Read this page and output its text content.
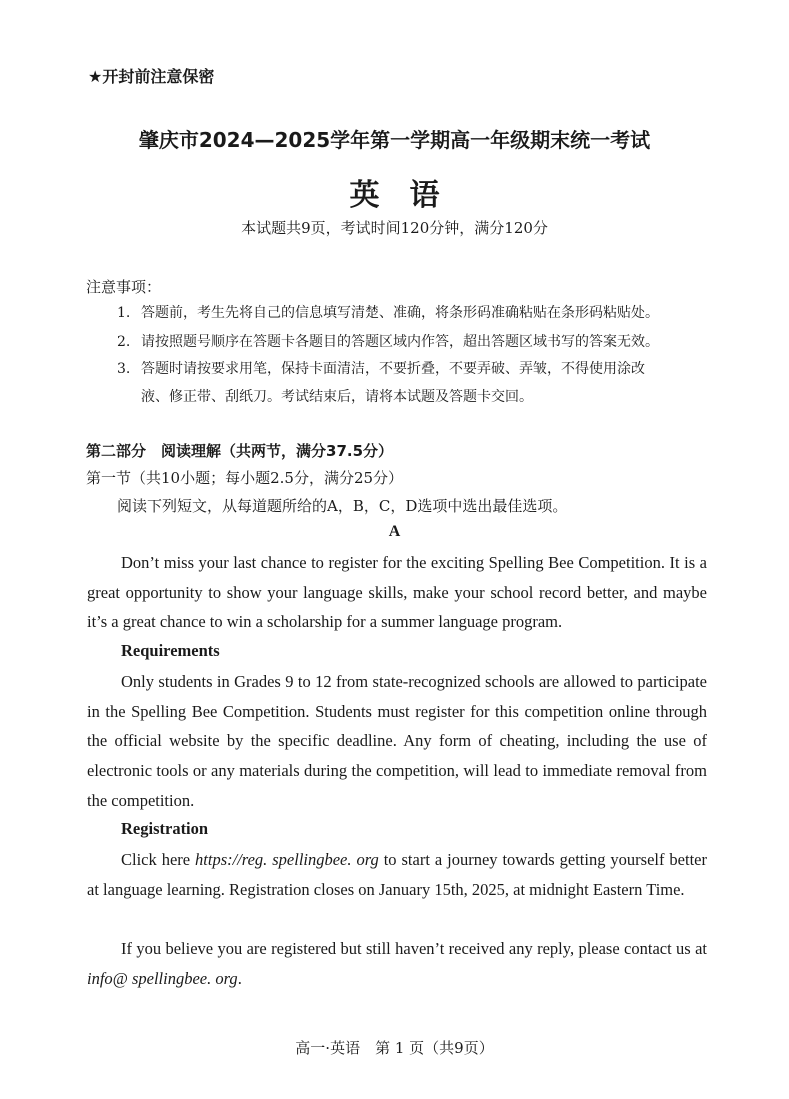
★开封前注意保密
肇庆市2024—2025学年第一学期高一年级期末统一考试
英语
本试题共9页，考试时间120分钟，满分120分
注意事项：
1. 答题前，考生先将自己的信息填写清楚、准确，将条形码准确粘贴在条形码粘贴处。
2. 请按照题号顺序在答题卡各题目的答题区域内作答，超出答题区域书写的答案无效。
3. 答题时请按要求用笔，保持卡面清洁，不要折叠，不要弄破、弄皱，不得使用涂改
液、修正带、刮纸刀。考试结束后，请将本试题及答题卡交回。
第二部分　阅读理解（共两节，满分37.5分）
第一节（共10小题；每小题2.5分，满分25分）
阅读下列短文，从每道题所给的A，B，C，D选项中选出最佳选项。
A
Don’t miss your last chance to register for the exciting Spelling Bee Competition. It is a great opportunity to show your language skills, make your school record better, and maybe it’s a great chance to win a scholarship for a summer language program.
Requirements
Only students in Grades 9 to 12 from state-recognized schools are allowed to participate in the Spelling Bee Competition. Students must register for this competition online through the official website by the specific deadline. Any form of cheating, including the use of electronic tools or any materials during the competition, will lead to immediate removal from the competition.
Registration
Click here https://reg. spellingbee. org to start a journey towards getting yourself better at language learning. Registration closes on January 15th, 2025, at midnight Eastern Time.
If you believe you are registered but still haven’t received any reply, please contact us at info@ spellingbee. org.
高一·英语　第 1 页（共9页）
